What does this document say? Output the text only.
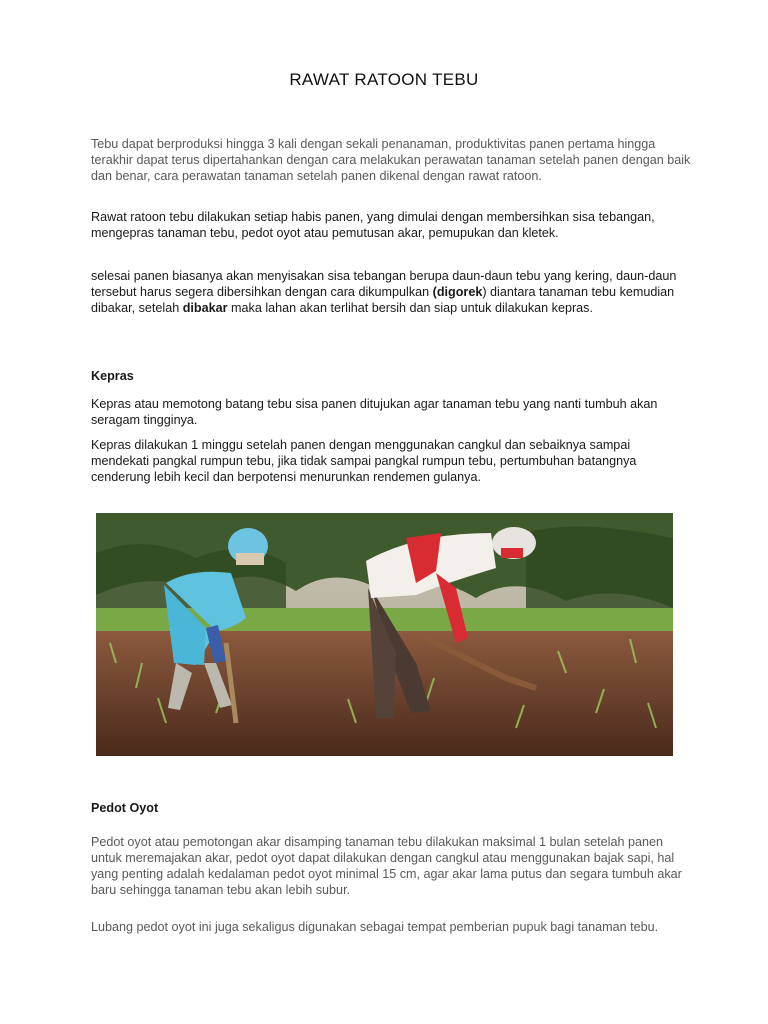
RAWAT RATOON TEBU

Tebu dapat berproduksi hingga 3 kali dengan sekali penanaman, produktivitas panen pertama hingga terakhir dapat terus dipertahankan dengan cara melakukan perawatan tanaman setelah panen dengan baik dan benar, cara perawatan tanaman setelah panen dikenal dengan rawat ratoon.

Rawat ratoon tebu dilakukan setiap habis panen, yang dimulai dengan membersihkan sisa tebangan, mengepras tanaman tebu, pedot oyot atau pemutusan akar, pemupukan dan kletek.

selesai panen biasanya akan menyisakan sisa tebangan berupa daun-daun tebu yang kering, daun-daun tersebut harus segera dibersihkan dengan cara dikumpulkan (digorek) diantara tanaman tebu kemudian dibakar, setelah dibakar maka lahan akan terlihat bersih dan siap untuk dilakukan kepras.

Kepras

Kepras atau memotong batang tebu sisa panen ditujukan agar tanaman tebu yang nanti tumbuh akan seragam tingginya.

Kepras dilakukan 1 minggu setelah panen dengan menggunakan cangkul dan sebaiknya sampai mendekati pangkal rumpun tebu, jika tidak sampai pangkal rumpun tebu, pertumbuhan batangnya cenderung lebih kecil dan berpotensi menurunkan rendemen gulanya.

Pedot Oyot

Pedot oyot atau pemotongan akar disamping tanaman tebu dilakukan maksimal 1 bulan setelah panen untuk meremajakan akar, pedot oyot dapat dilakukan dengan cangkul atau menggunakan bajak sapi, hal yang penting adalah kedalaman pedot oyot minimal 15 cm, agar akar lama putus dan segara tumbuh akar baru sehingga tanaman tebu akan lebih subur.

Lubang pedot oyot ini juga sekaligus digunakan sebagai tempat pemberian pupuk bagi tanaman tebu.
